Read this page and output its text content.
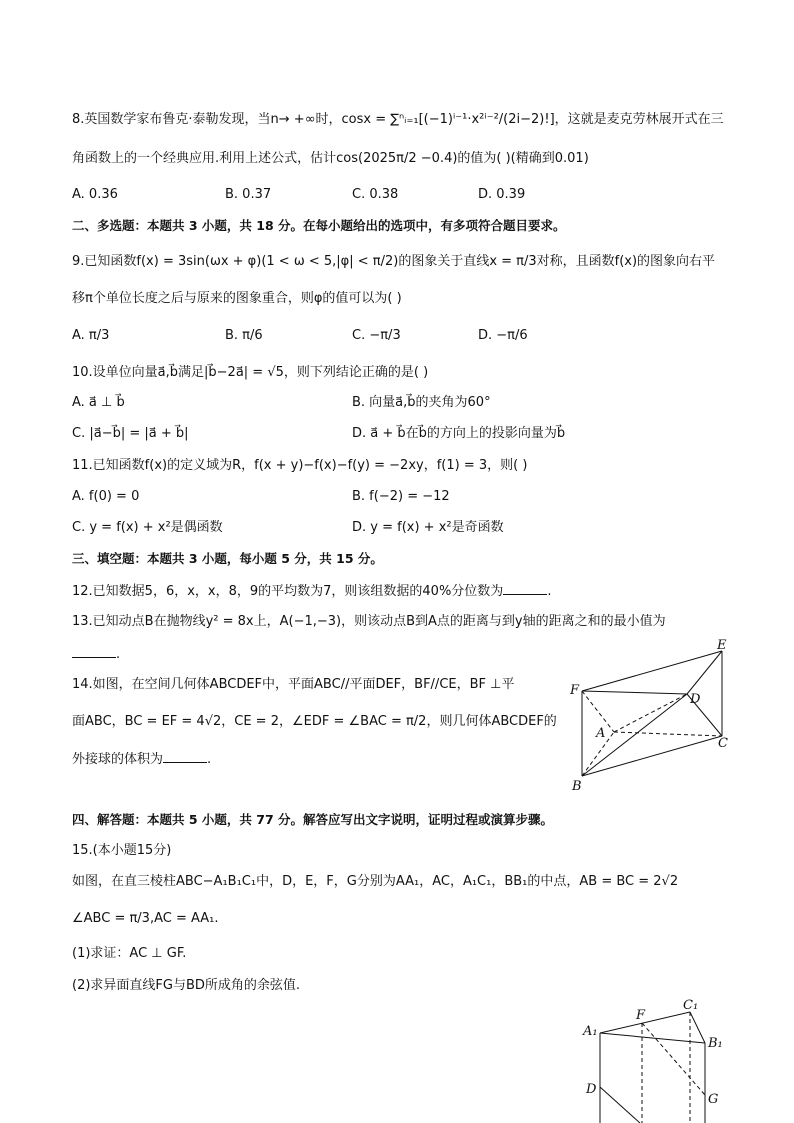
8.英国数学家布鲁克·泰勒发现，当n→ +∞时，cosx = ∑ⁿᵢ₌₁[(−1)ⁱ⁻¹·x²ⁱ⁻²/(2i−2)!]，这就是麦克劳林展开式在三
角函数上的一个经典应用.利用上述公式，估计cos(2025π/2 −0.4)的值为( )(精确到0.01)
A. 0.36	B. 0.37	C. 0.38	D. 0.39
二、多选题：本题共 3 小题，共 18 分。在每小题给出的选项中，有多项符合题目要求。
9.已知函数f(x) = 3sin(ωx + φ)(1 < ω < 5,|φ| < π/2)的图象关于直线x = π/3对称，且函数f(x)的图象向右平
移π个单位长度之后与原来的图象重合，则φ的值可以为( )
A. π/3	B. π/6	C. −π/3	D. −π/6
10.设单位向量a⃗,b⃗满足|b⃗−2a⃗| = √5，则下列结论正确的是( )
A. a⃗ ⊥ b⃗	B. 向量a⃗,b⃗的夹角为60°
C. |a⃗−b⃗| = |a⃗ + b⃗|	D. a⃗ + b⃗在b⃗的方向上的投影向量为b⃗
11.已知函数f(x)的定义域为R，f(x + y)−f(x)−f(y) = −2xy，f(1) = 3，则( )
A. f(0) = 0	B. f(−2) = −12
C. y = f(x) + x²是偶函数	D. y = f(x) + x²是奇函数
三、填空题：本题共 3 小题，每小题 5 分，共 15 分。
12.已知数据5，6，x，x，8，9的平均数为7，则该组数据的40%分位数为	.
13.已知动点B在抛物线y² = 8x上，A(−1,−3)，则该动点B到A点的距离与到y轴的距离之和的最小值为
.
14.如图，在空间几何体ABCDEF中，平面ABC//平面DEF，BF//CE，BF ⊥平
面ABC，BC = EF = 4√2，CE = 2，∠EDF = ∠BAC = π/2，则几何体ABCDEF的
外接球的体积为	.
E
F
D
A
C
B
四、解答题：本题共 5 小题，共 77 分。解答应写出文字说明，证明过程或演算步骤。
15.(本小题15分)
如图，在直三棱柱ABC−A₁B₁C₁中，D，E，F，G分别为AA₁，AC，A₁C₁，BB₁的中点，AB = BC = 2√2
∠ABC = π/3,AC = AA₁.
(1)求证：AC ⊥ GF.
(2)求异面直线FG与BD所成角的余弦值.
A₁
F
C₁
B₁
D
G
